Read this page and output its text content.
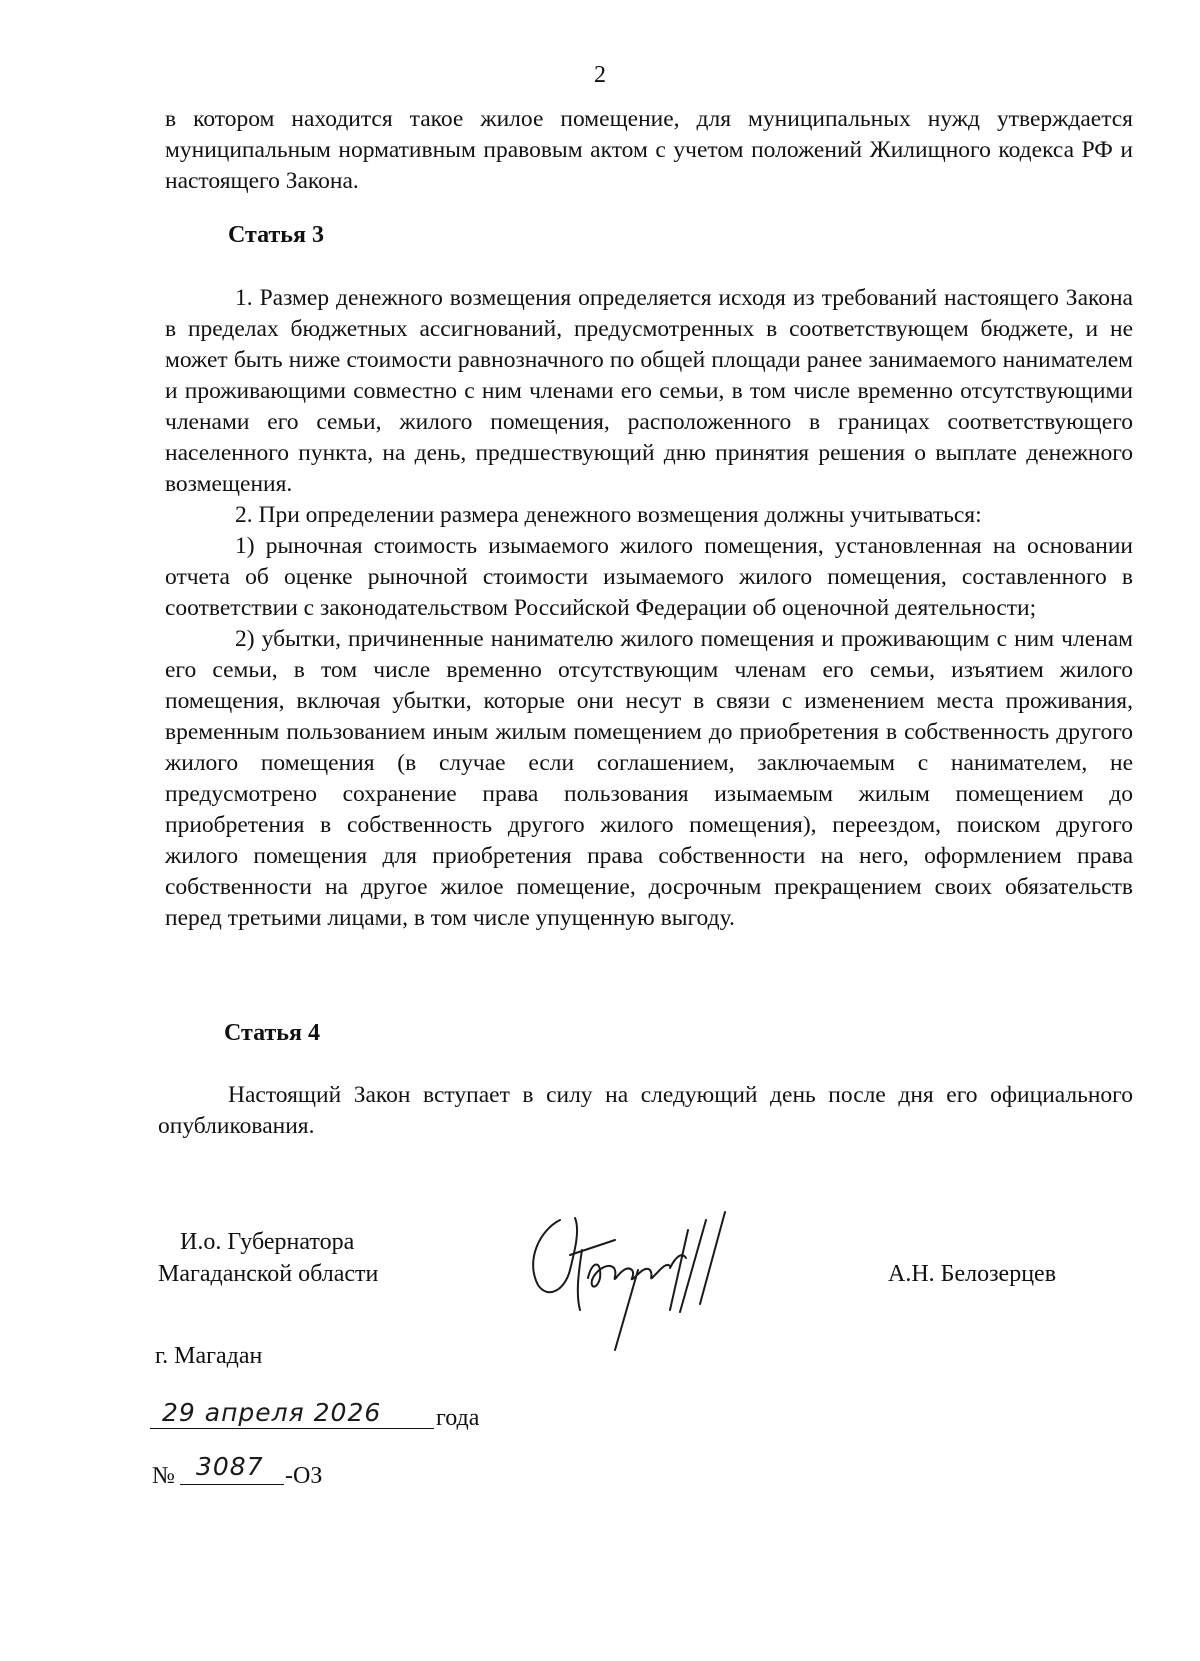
2

в котором находится такое жилое помещение, для муниципальных нужд утверждается муниципальным нормативным правовым актом с учетом положений Жилищного кодекса РФ и настоящего Закона.

Статья 3

1. Размер денежного возмещения определяется исходя из требований настоящего Закона в пределах бюджетных ассигнований, предусмотренных в соответствующем бюджете, и не может быть ниже стоимости равнозначного по общей площади ранее занимаемого нанимателем и проживающими совместно с ним членами его семьи, в том числе временно отсутствующими членами его семьи, жилого помещения, расположенного в границах соответствующего населенного пункта, на день, предшествующий дню принятия решения о выплате денежного возмещения.

2. При определении размера денежного возмещения должны учитываться:

1) рыночная стоимость изымаемого жилого помещения, установленная на основании отчета об оценке рыночной стоимости изымаемого жилого помещения, составленного в соответствии с законодательством Российской Федерации об оценочной деятельности;

2) убытки, причиненные нанимателю жилого помещения и проживающим с ним членам его семьи, в том числе временно отсутствующим членам его семьи, изъятием жилого помещения, включая убытки, которые они несут в связи с изменением места проживания, временным пользованием иным жилым помещением до приобретения в собственность другого жилого помещения (в случае если соглашением, заключаемым с нанимателем, не предусмотрено сохранение права пользования изымаемым жилым помещением до приобретения в собственность другого жилого помещения), переездом, поиском другого жилого помещения для приобретения права собственности на него, оформлением права собственности на другое жилое помещение, досрочным прекращением своих обязательств перед третьими лицами, в том числе упущенную выгоду.

Статья 4

Настоящий Закон вступает в силу на следующий день после дня его официального опубликования.

И.о. Губернатора
Магаданской области	А.Н. Белозерцев
г. Магадан
29 апреля 2026 года
№ 3087 -ОЗ
